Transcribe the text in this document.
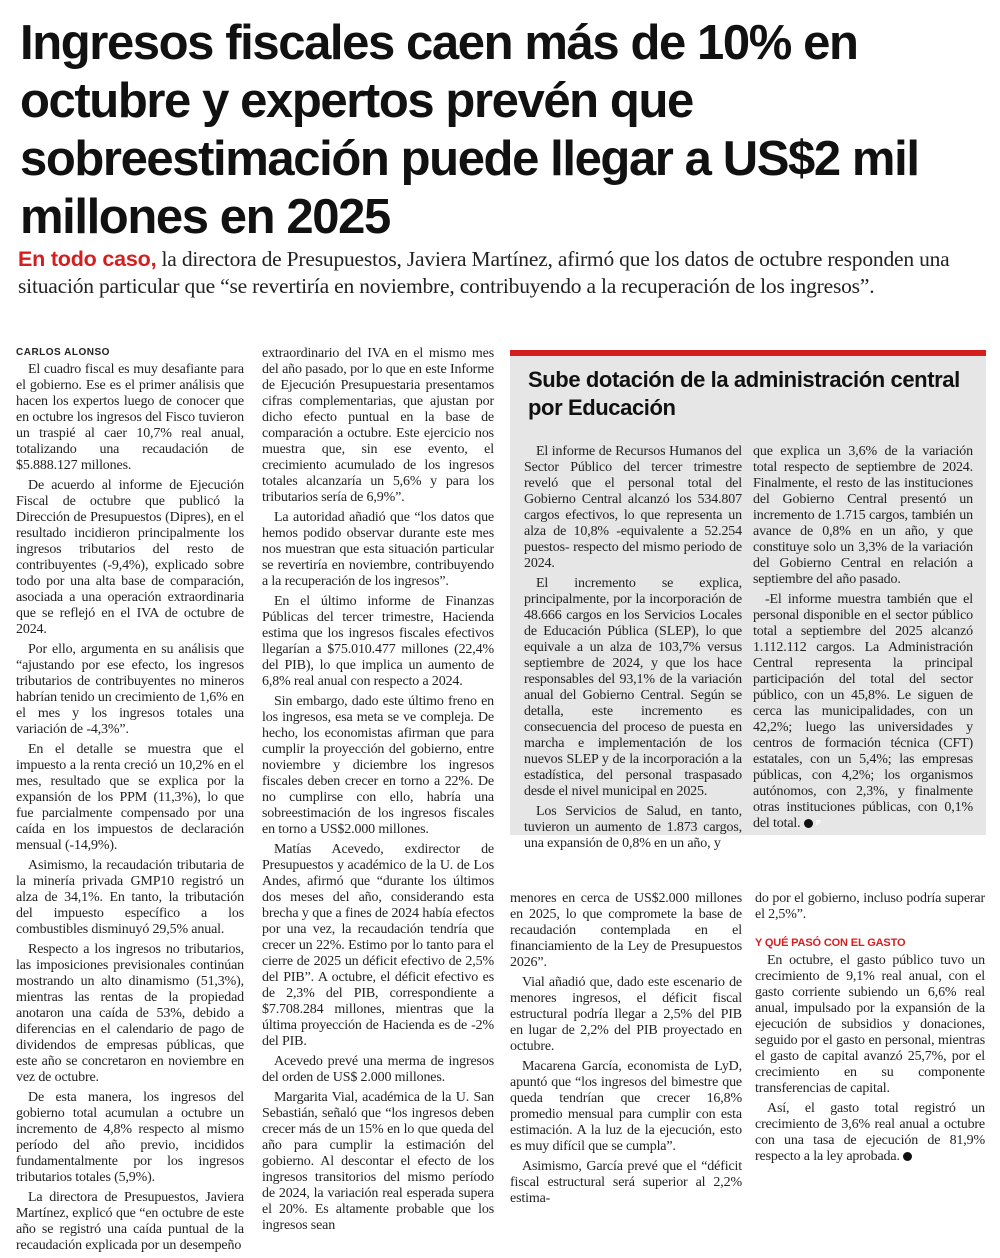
Ingresos fiscales caen más de 10% en octubre y expertos prevén que sobreestimación puede llegar a US$2 mil millones en 2025

En todo caso, la directora de Presupuestos, Javiera Martínez, afirmó que los datos de octubre responden una situación particular que “se revertiría en noviembre, contribuyendo a la recuperación de los ingresos”.

CARLOS ALONSO

El cuadro fiscal es muy desafiante para el gobierno. Ese es el primer análisis que hacen los expertos luego de conocer que en octubre los ingresos del Fisco tuvieron un traspié al caer 10,7% real anual, totalizando una recaudación de $5.888.127 millones.

De acuerdo al informe de Ejecución Fiscal de octubre que publicó la Dirección de Presupuestos (Dipres), en el resultado incidieron principalmente los ingresos tributarios del resto de contribuyentes (-9,4%), explicado sobre todo por una alta base de comparación, asociada a una operación extraordinaria que se reflejó en el IVA de octubre de 2024.

Por ello, argumenta en su análisis que “ajustando por ese efecto, los ingresos tributarios de contribuyentes no mineros habrían tenido un crecimiento de 1,6% en el mes y los ingresos totales una variación de -4,3%”.

En el detalle se muestra que el impuesto a la renta creció un 10,2% en el mes, resultado que se explica por la expansión de los PPM (11,3%), lo que fue parcialmente compensado por una caída en los impuestos de declaración mensual (-14,9%).

Asimismo, la recaudación tributaria de la minería privada GMP10 registró un alza de 34,1%. En tanto, la tributación del impuesto específico a los combustibles disminuyó 29,5% anual.

Respecto a los ingresos no tributarios, las imposiciones previsionales continúan mostrando un alto dinamismo (51,3%), mientras las rentas de la propiedad anotaron una caída de 53%, debido a diferencias en el calendario de pago de dividendos de empresas públicas, que este año se concretaron en noviembre en vez de octubre.

De esta manera, los ingresos del gobierno total acumulan a octubre un incremento de 4,8% respecto al mismo período del año previo, incididos fundamentalmente por los ingresos tributarios totales (5,9%).

La directora de Presupuestos, Javiera Martínez, explicó que “en octubre de este año se registró una caída puntual de la recaudación explicada por un desempeño

extraordinario del IVA en el mismo mes del año pasado, por lo que en este Informe de Ejecución Presupuestaria presentamos cifras complementarias, que ajustan por dicho efecto puntual en la base de comparación a octubre. Este ejercicio nos muestra que, sin ese evento, el crecimiento acumulado de los ingresos totales alcanzaría un 5,6% y para los tributarios sería de 6,9%”.

La autoridad añadió que “los datos que hemos podido observar durante este mes nos muestran que esta situación particular se revertiría en noviembre, contribuyendo a la recuperación de los ingresos”.

En el último informe de Finanzas Públicas del tercer trimestre, Hacienda estima que los ingresos fiscales efectivos llegarían a $75.010.477 millones (22,4% del PIB), lo que implica un aumento de 6,8% real anual con respecto a 2024.

Sin embargo, dado este último freno en los ingresos, esa meta se ve compleja. De hecho, los economistas afirman que para cumplir la proyección del gobierno, entre noviembre y diciembre los ingresos fiscales deben crecer en torno a 22%. De no cumplirse con ello, habría una sobreestimación de los ingresos fiscales en torno a US$2.000 millones.

Matías Acevedo, exdirector de Presupuestos y académico de la U. de Los Andes, afirmó que “durante los últimos dos meses del año, considerando esta brecha y que a fines de 2024 había efectos por una vez, la recaudación tendría que crecer un 22%. Estimo por lo tanto para el cierre de 2025 un déficit efectivo de 2,5% del PIB”. A octubre, el déficit efectivo es de 2,3% del PIB, correspondiente a $7.708.284 millones, mientras que la última proyección de Hacienda es de -2% del PIB.

Acevedo prevé una merma de ingresos del orden de US$ 2.000 millones.

Margarita Vial, académica de la U. San Sebastián, señaló que “los ingresos deben crecer más de un 15% en lo que queda del año para cumplir la estimación del gobierno. Al descontar el efecto de los ingresos transitorios del mismo período de 2024, la variación real esperada supera el 20%. Es altamente probable que los ingresos sean

Sube dotación de la administración central por Educación

El informe de Recursos Humanos del Sector Público del tercer trimestre reveló que el personal total del Gobierno Central alcanzó los 534.807 cargos efectivos, lo que representa un alza de 10,8% -equivalente a 52.254 puestos- respecto del mismo periodo de 2024.

El incremento se explica, principalmente, por la incorporación de 48.666 cargos en los Servicios Locales de Educación Pública (SLEP), lo que equivale a un alza de 103,7% versus septiembre de 2024, y que los hace responsables del 93,1% de la variación anual del Gobierno Central. Según se detalla, este incremento es consecuencia del proceso de puesta en marcha e implementación de los nuevos SLEP y de la incorporación a la estadística, del personal traspasado desde el nivel municipal en 2025.

Los Servicios de Salud, en tanto, tuvieron un aumento de 1.873 cargos, una expansión de 0,8% en un año, y

que explica un 3,6% de la variación total respecto de septiembre de 2024. Finalmente, el resto de las instituciones del Gobierno Central presentó un incremento de 1.715 cargos, también un avance de 0,8% en un año, y que constituye solo un 3,3% de la variación del Gobierno Central en relación a septiembre del año pasado.

-El informe muestra también que el personal disponible en el sector público total a septiembre del 2025 alcanzó 1.112.112 cargos. La Administración Central representa la principal participación del total del sector público, con un 45,8%. Le siguen de cerca las municipalidades, con un 42,2%; luego las universidades y centros de formación técnica (CFT) estatales, con un 5,4%; las empresas públicas, con 4,2%; los organismos autónomos, con 2,3%, y finalmente otras instituciones públicas, con 0,1% del total. P

menores en cerca de US$2.000 millones en 2025, lo que compromete la base de recaudación contemplada en el financiamiento de la Ley de Presupuestos 2026”.

Vial añadió que, dado este escenario de menores ingresos, el déficit fiscal estructural podría llegar a 2,5% del PIB en lugar de 2,2% del PIB proyectado en octubre.

Macarena García, economista de LyD, apuntó que “los ingresos del bimestre que queda tendrían que crecer 16,8% promedio mensual para cumplir con esta estimación. A la luz de la ejecución, esto es muy difícil que se cumpla”.

Asimismo, García prevé que el “déficit fiscal estructural será superior al 2,2% estima-

do por el gobierno, incluso podría superar el 2,5%”.

Y QUÉ PASÓ CON EL GASTO

En octubre, el gasto público tuvo un crecimiento de 9,1% real anual, con el gasto corriente subiendo un 6,6% real anual, impulsado por la expansión de la ejecución de subsidios y donaciones, seguido por el gasto en personal, mientras el gasto de capital avanzó 25,7%, por el crecimiento en su componente transferencias de capital.

Así, el gasto total registró un crecimiento de 3,6% real anual a octubre con una tasa de ejecución de 81,9% respecto a la ley aprobada. P
